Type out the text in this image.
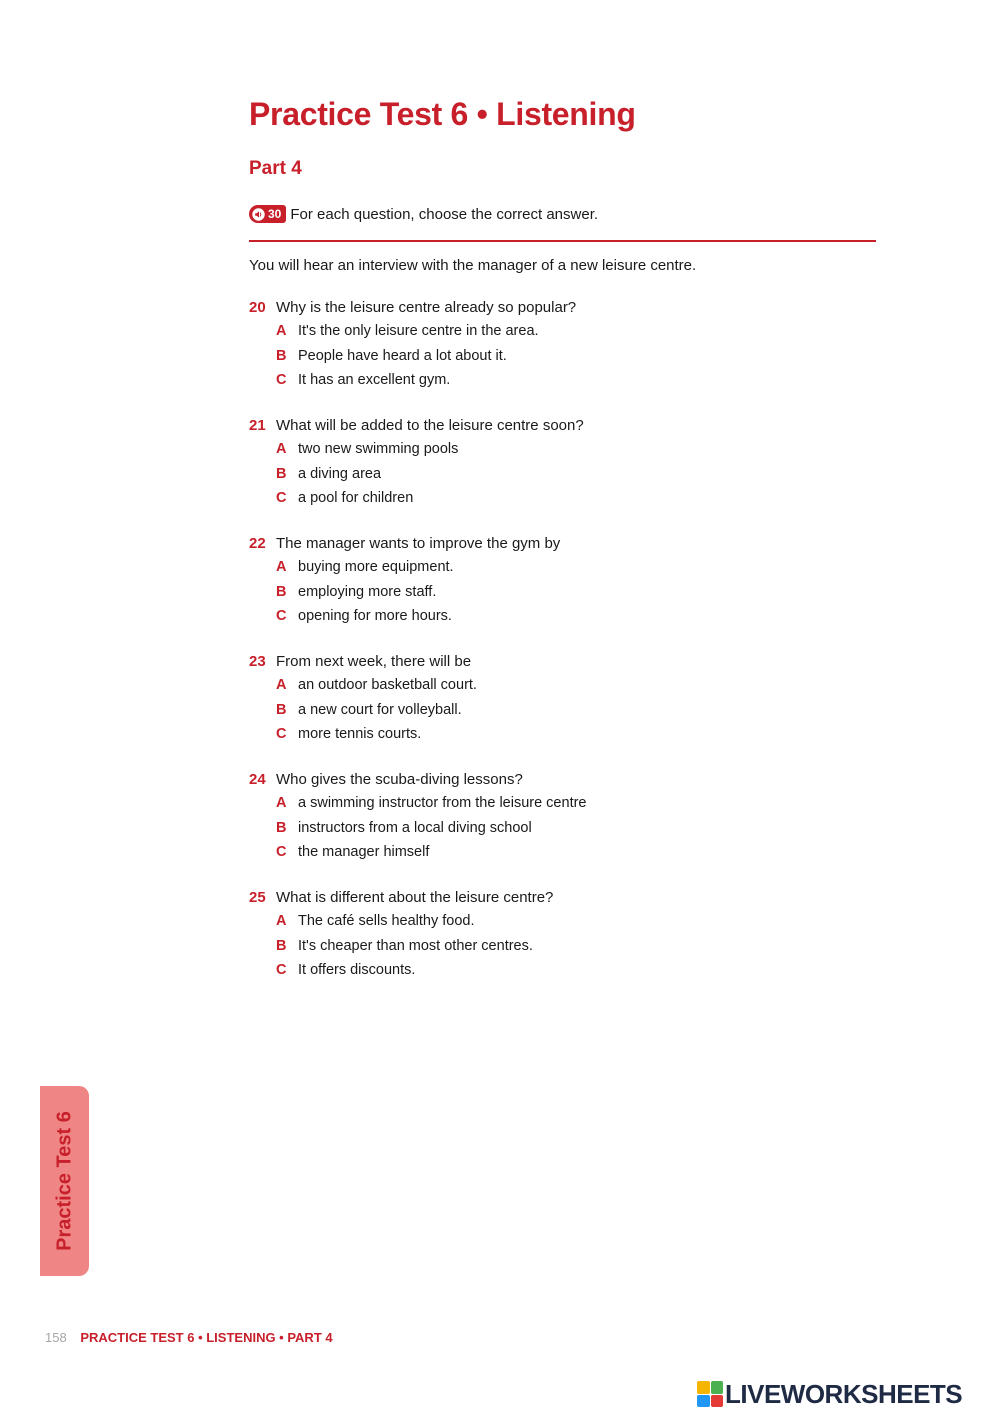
Practice Test 6 • Listening
Part 4
30 For each question, choose the correct answer.
You will hear an interview with the manager of a new leisure centre.
20 Why is the leisure centre already so popular?
A It's the only leisure centre in the area.
B People have heard a lot about it.
C It has an excellent gym.
21 What will be added to the leisure centre soon?
A two new swimming pools
B a diving area
C a pool for children
22 The manager wants to improve the gym by
A buying more equipment.
B employing more staff.
C opening for more hours.
23 From next week, there will be
A an outdoor basketball court.
B a new court for volleyball.
C more tennis courts.
24 Who gives the scuba-diving lessons?
A a swimming instructor from the leisure centre
B instructors from a local diving school
C the manager himself
25 What is different about the leisure centre?
A The café sells healthy food.
B It's cheaper than most other centres.
C It offers discounts.
Practice Test 6
158 PRACTICE TEST 6 • LISTENING • PART 4
LIVEWORKSHEETS
